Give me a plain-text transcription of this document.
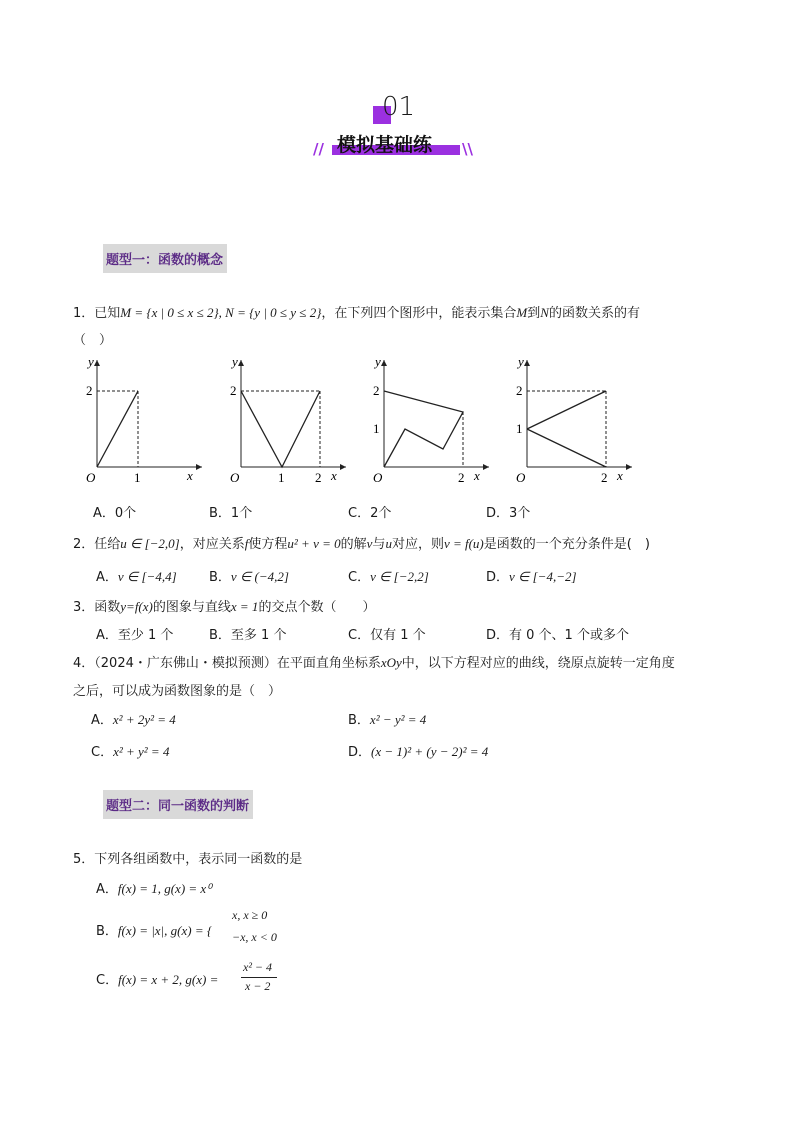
01
// 模拟基础练 \\
题型一：函数的概念
1．已知M = {x | 0 ≤ x ≤ 2}, N = {y | 0 ≤ y ≤ 2}，在下列四个图形中，能表示集合M到N的函数关系的有
（　）
y
2
O	1	x
y
2
O	1 2 x
y
2
1
O	2 x
y
2
1
O	2 x
A．0个	B．1个	C．2个	D．3个
2．任给u ∈ [−2,0]，对应关系f使方程u² + v = 0的解v与u对应，则v = f(u)是函数的一个充分条件是(　)
A．v ∈ [−4,4] B．v ∈ (−4,2]	C．v ∈ [−2,2]	D．v ∈ [−4,−2]
3．函数y=f(x)的图象与直线x = 1的交点个数（　　）
A．至少 1 个	B．至多 1 个	C．仅有 1 个	D．有 0 个、1 个或多个
4．（2024・广东佛山・模拟预测）在平面直角坐标系xOy中，以下方程对应的曲线，绕原点旋转一定角度
之后，可以成为函数图象的是（　）
A．x² + 2y² = 4	B．x² − y² = 4
C．x² + y² = 4	D．(x − 1)² + (y − 2)² = 4
题型二：同一函数的判断
5．下列各组函数中，表示同一函数的是
A．f(x) = 1, g(x) = x⁰
B．f(x) = |x|, g(x) = {
x, x ≥ 0
−x, x < 0
C．f(x) = x + 2, g(x) =
x² − 4
x − 2
